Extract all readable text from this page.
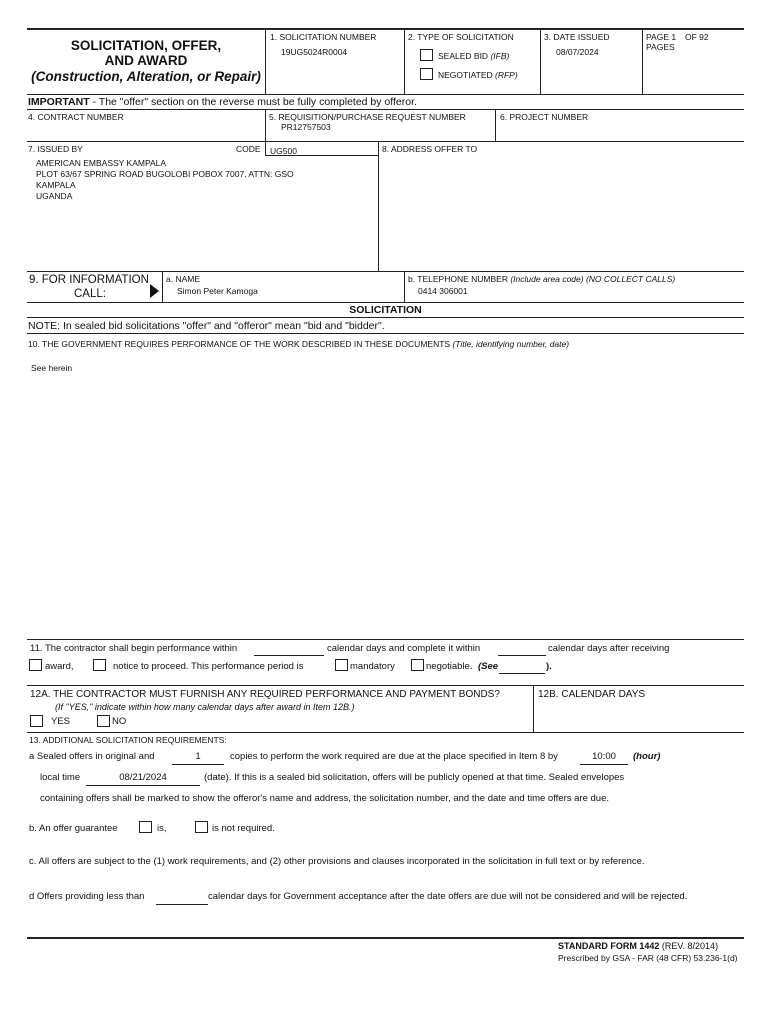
SOLICITATION, OFFER,
AND AWARD
(Construction, Alteration, or Repair)
1. SOLICITATION NUMBER
19UG5024R0004
2. TYPE OF SOLICITATION
SEALED BID (IFB)
NEGOTIATED (RFP)
3. DATE ISSUED
08/07/2024
PAGE 1 OF 92
PAGES
IMPORTANT - The "offer" section on the reverse must be fully completed by offeror.
4. CONTRACT NUMBER	5. REQUISITION/PURCHASE REQUEST NUMBER
PR12757503
6. PROJECT NUMBER
7. ISSUED BY	CODE UG500	8. ADDRESS OFFER TO
AMERICAN EMBASSY KAMPALA
PLOT 63/67 SPRING ROAD BUGOLOBI POBOX 7007, ATTN: GSO
KAMPALA
UGANDA
9. FOR INFORMATION
CALL:
a. NAME
Simon Peter Kamoga
b. TELEPHONE NUMBER (Include area code) (NO COLLECT CALLS)
0414 306001
SOLICITATION
NOTE: In sealed bid solicitations "offer" and "offeror" mean "bid and "bidder".
10. THE GOVERNMENT REQUIRES PERFORMANCE OF THE WORK DESCRIBED IN THESE DOCUMENTS (Title, identifying number, date)
See herein
11. The contractor shall begin performance within	calendar days and complete it within	calendar days after receiving
award,	notice to proceed. This performance period is	mandatory	negotiable. (See	).
12A. THE CONTRACTOR MUST FURNISH ANY REQUIRED PERFORMANCE AND PAYMENT BONDS?
(If "YES," indicate within how many calendar days after award in Item 12B.)
YES	NO
12B. CALENDAR DAYS
13. ADDITIONAL SOLICITATION REQUIREMENTS:
a Sealed offers in original and	1	copies to perform the work required are due at the place specified in Item 8 by	10:00	(hour)
local time	08/21/2024	(date). If this is a sealed bid solicitation, offers will be publicly opened at that time. Sealed envelopes
containing offers shall be marked to show the offeror's name and address, the solicitation number, and the date and time offers are due.
b. An offer guarantee	is,	is not required.
c. All offers are subject to the (1) work requirements, and (2) other provisions and clauses incorporated in the solicitation in full text or by reference.
d Offers providing less than	calendar days for Government acceptance after the date offers are due will not be considered and will be rejected.
STANDARD FORM 1442 (REV. 8/2014)
Prescribed by GSA - FAR (48 CFR) 53.236-1(d)
